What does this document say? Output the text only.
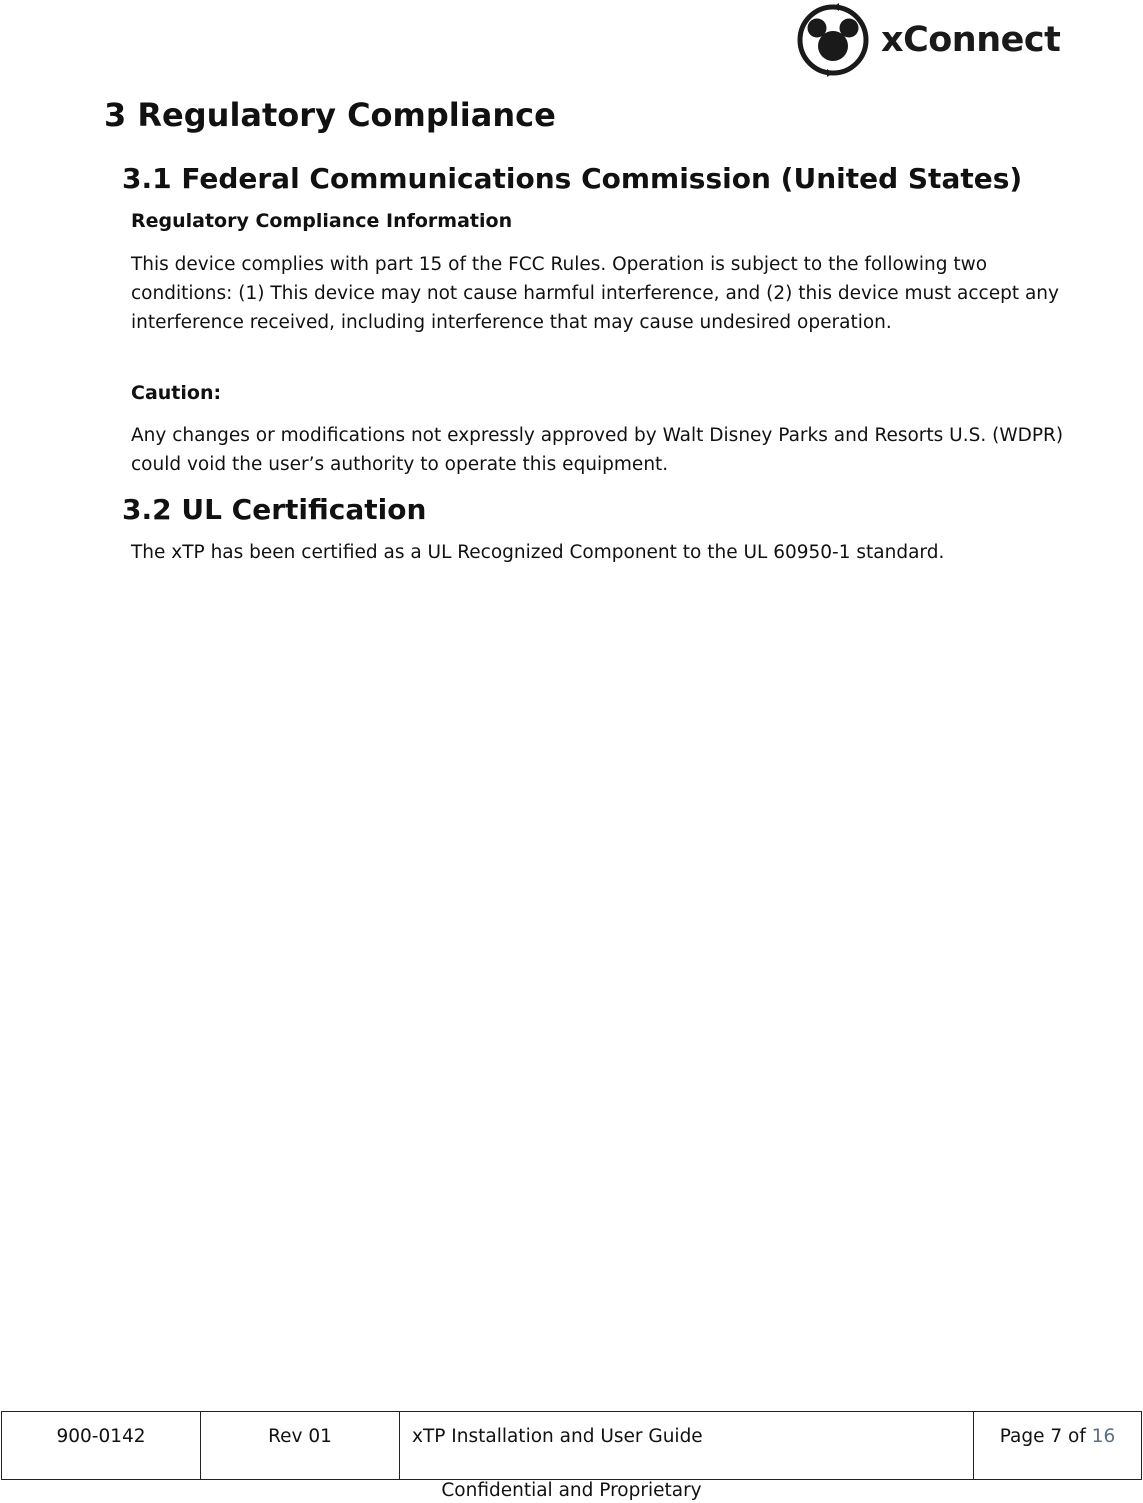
xConnect
3 Regulatory Compliance
3.1 Federal Communications Commission (United States)
Regulatory Compliance Information
This device complies with part 15 of the FCC Rules. Operation is subject to the following two conditions: (1) This device may not cause harmful interference, and (2) this device must accept any interference received, including interference that may cause undesired operation.
Caution:
Any changes or modifications not expressly approved by Walt Disney Parks and Resorts U.S. (WDPR) could void the user’s authority to operate this equipment.
3.2 UL Certification
The xTP has been certified as a UL Recognized Component to the UL 60950-1 standard.
900-0142	Rev 01	xTP Installation and User Guide	Page 7 of 16
Confidential and Proprietary
